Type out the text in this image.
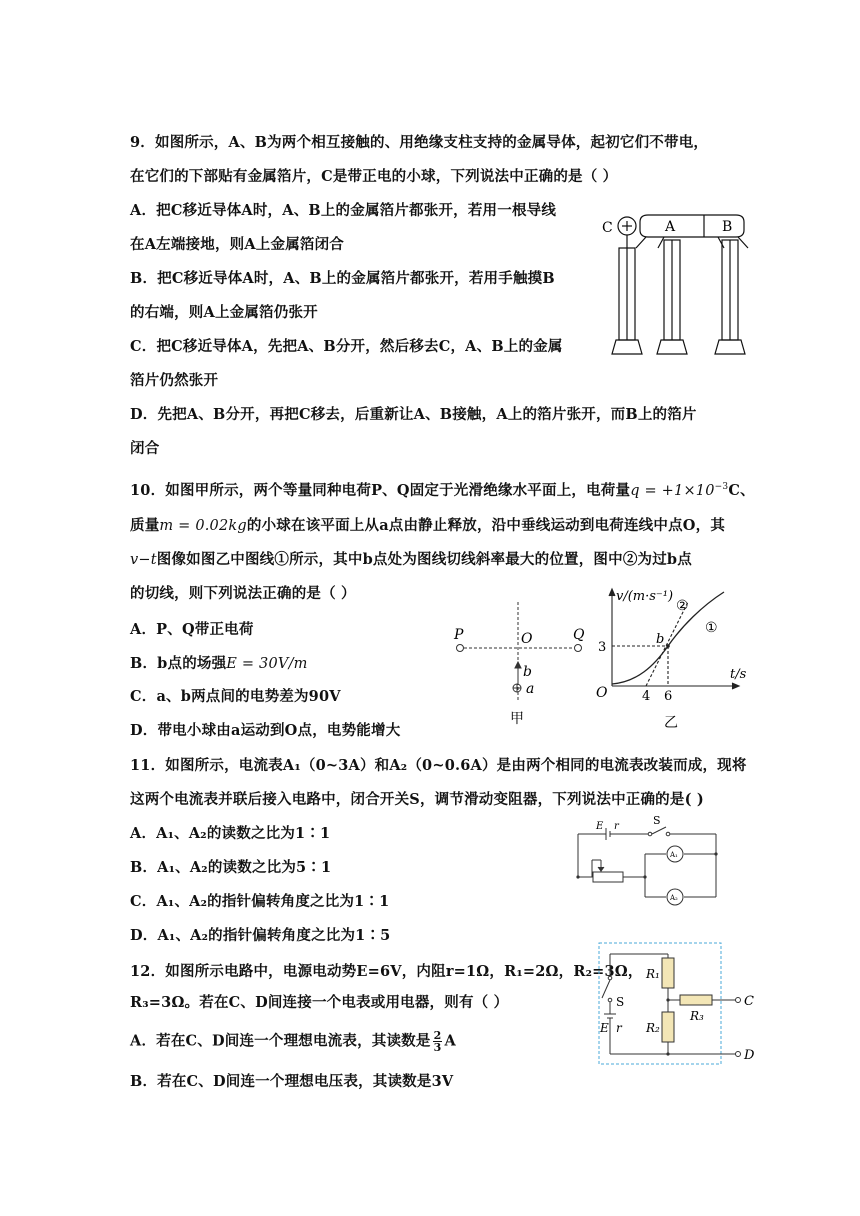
9．如图所示，A、B为两个相互接触的、用绝缘支柱支持的金属导体，起初它们不带电，
在它们的下部贴有金属箔片，C是带正电的小球，下列说法中正确的是（ ）
A．把C移近导体A时，A、B上的金属箔片都张开，若用一根导线
在A左端接地，则A上金属箔闭合
B．把C移近导体A时，A、B上的金属箔片都张开，若用手触摸B
的右端，则A上金属箔仍张开
C．把C移近导体A，先把A、B分开，然后移去C，A、B上的金属
箔片仍然张开
D．先把A、B分开，再把C移去，后重新让A、B接触，A上的箔片张开，而B上的箔片
闭合
C	A	B
10．如图甲所示，两个等量同种电荷P、Q固定于光滑绝缘水平面上，电荷量$q = +1\times 10^{-3}C$、
质量m = 0.02kg的小球在该平面上从a点由静止释放，沿中垂线运动到电荷连线中点O，其
v−t图像如图乙中图线①所示，其中b点处为图线切线斜率最大的位置，图中②为过b点
的切线，则下列说法正确的是（ ）
A．P、Q带正电荷
B．b点的场强E = 30V/m
C．a、b两点间的电势差为90V
D．带电小球由a运动到O点，电势能增大
P	Q
O
b
a
甲
v/(m·s⁻¹)
t/s
O
3
4 6
b
①
②
乙
11．如图所示，电流表A₁（0~3A）和A₂（0~0.6A）是由两个相同的电流表改装而成，现将
这两个电流表并联后接入电路中，闭合开关S，调节滑动变阻器，下列说法中正确的是( )
A．A₁、A₂的读数之比为1∶1
B．A₁、A₂的读数之比为5∶1
C．A₁、A₂的指针偏转角度之比为1∶1
D．A₁、A₂的指针偏转角度之比为1∶5
E r	S
A₁
A₂
12．如图所示电路中，电源电动势E=6V，内阻r=1Ω，R₁=2Ω，R₂=3Ω，
R₃=3Ω。若在C、D间连接一个电表或用电器，则有（ ）
A．若在C、D间连一个理想电流表，其读数是 $\frac{2}{3}$ A
B．若在C、D间连一个理想电压表，其读数是3V
S
E r
R₁
R₂
R₃
C
D
